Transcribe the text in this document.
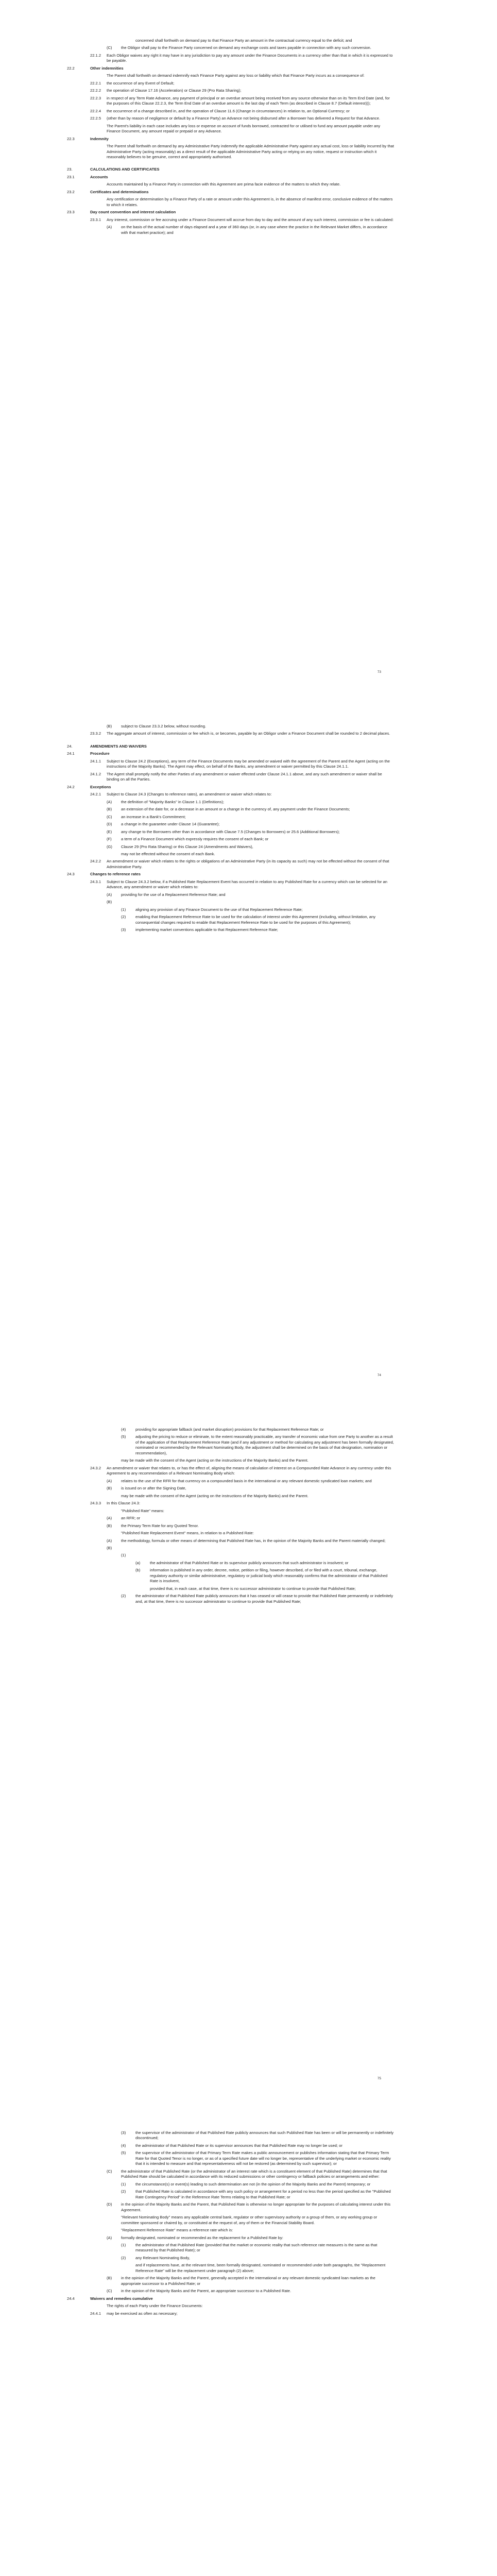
concerned shall forthwith on demand pay to that Finance Party an amount in the contractual currency equal to the deficit; and
(C)	the Obligor shall pay to the Finance Party concerned on demand any exchange costs and taxes payable in connection with any such conversion.
22.1.2	Each Obligor waives any right it may have in any jurisdiction to pay any amount under the Finance Documents in a currency other than that in which it is expressed to be payable.
22.2	Other indemnities
The Parent shall forthwith on demand indemnify each Finance Party against any loss or liability which that Finance Party incurs as a consequence of:
22.2.1	the occurrence of any Event of Default;
22.2.2	the operation of Clause 17.16 (Acceleration) or Clause 29 (Pro Rata Sharing);
22.2.3	in respect of any Term Rate Advance, any payment of principal or an overdue amount being received from any source otherwise than on its Term End Date (and, for the purposes of this Clause 22.2.3, the Term End Date of an overdue amount is the last day of each Term (as described in Clause 8.7 (Default interest)));
22.2.4	the occurrence of a change described in, and the operation of Clause 11.6 (Change in circumstances) in relation to, an Optional Currency; or
22.2.5	(other than by reason of negligence or default by a Finance Party) an Advance not being disbursed after a Borrower has delivered a Request for that Advance.
The Parent's liability in each case includes any loss or expense on account of funds borrowed, contracted for or utilised to fund any amount payable under any Finance Document, any amount repaid or prepaid or any Advance.
22.3	Indemnity
The Parent shall forthwith on demand by any Administrative Party indemnify the applicable Administrative Party against any actual cost, loss or liability incurred by that Administrative Party (acting reasonably) as a direct result of the applicable Administrative Party acting or relying on any notice, request or instruction which it reasonably believes to be genuine, correct and appropriately authorised.
23.	CALCULATIONS AND CERTIFICATES
23.1	Accounts
Accounts maintained by a Finance Party in connection with this Agreement are prima facie evidence of the matters to which they relate.
23.2	Certificates and determinations
Any certification or determination by a Finance Party of a rate or amount under this Agreement is, in the absence of manifest error, conclusive evidence of the matters to which it relates.
23.3	Day count convention and interest calculation
23.3.1	Any interest, commission or fee accruing under a Finance Document will accrue from day to day and the amount of any such interest, commission or fee is calculated:
(A)	on the basis of the actual number of days elapsed and a year of 360 days (or, in any case where the practice in the Relevant Market differs, in accordance with that market practice); and
73
(B)	subject to Clause 23.3.2 below, without rounding.
23.3.2	The aggregate amount of interest, commission or fee which is, or becomes, payable by an Obligor under a Finance Document shall be rounded to 2 decimal places.
24.	AMENDMENTS AND WAIVERS
24.1	Procedure
24.1.1	Subject to Clause 24.2 (Exceptions), any term of the Finance Documents may be amended or waived with the agreement of the Parent and the Agent (acting on the instructions of the Majority Banks). The Agent may effect, on behalf of the Banks, any amendment or waiver permitted by this Clause 24.1.1.
24.1.2	The Agent shall promptly notify the other Parties of any amendment or waiver effected under Clause 24.1.1 above, and any such amendment or waiver shall be binding on all the Parties.
24.2	Exceptions
24.2.1	Subject to Clause 24.3 (Changes to reference rates), an amendment or waiver which relates to:
(A)	the definition of "Majority Banks" in Clause 1.1 (Definitions);
(B)	an extension of the date for, or a decrease in an amount or a change in the currency of, any payment under the Finance Documents;
(C)	an increase in a Bank's Commitment;
(D)	a change in the guarantee under Clause 14 (Guarantee);
(E)	any change to the Borrowers other than in accordance with Clause 7.5 (Changes to Borrowers) or 25.6 (Additional Borrowers);
(F)	a term of a Finance Document which expressly requires the consent of each Bank; or
(G)	Clause 29 (Pro Rata Sharing) or this Clause 24 (Amendments and Waivers),
may not be effected without the consent of each Bank.
24.2.2	An amendment or waiver which relates to the rights or obligations of an Administrative Party (in its capacity as such) may not be effected without the consent of that Administrative Party.
24.3	Changes to reference rates
24.3.1	Subject to Clause 24.3.2 below, if a Published Rate Replacement Event has occurred in relation to any Published Rate for a currency which can be selected for an Advance, any amendment or waiver which relates to:
(A)	providing for the use of a Replacement Reference Rate; and
(B)
(1)	aligning any provision of any Finance Document to the use of that Replacement Reference Rate;
(2)	enabling that Replacement Reference Rate to be used for the calculation of interest under this Agreement (including, without limitation, any consequential changes required to enable that Replacement Reference Rate to be used for the purposes of this Agreement);
(3)	implementing market conventions applicable to that Replacement Reference Rate;
74
(4)	providing for appropriate fallback (and market disruption) provisions for that Replacement Reference Rate; or
(5)	adjusting the pricing to reduce or eliminate, to the extent reasonably practicable, any transfer of economic value from one Party to another as a result of the application of that Replacement Reference Rate (and if any adjustment or method for calculating any adjustment has been formally designated, nominated or recommended by the Relevant Nominating Body, the adjustment shall be determined on the basis of that designation, nomination or recommendation),
may be made with the consent of the Agent (acting on the instructions of the Majority Banks) and the Parent.
24.3.2	An amendment or waiver that relates to, or has the effect of, aligning the means of calculation of interest on a Compounded Rate Advance in any currency under this Agreement to any recommendation of a Relevant Nominating Body which:
(A)	relates to the use of the RFR for that currency on a compounded basis in the international or any relevant domestic syndicated loan markets; and
(B)	is issued on or after the Signing Date,
may be made with the consent of the Agent (acting on the instructions of the Majority Banks) and the Parent.
24.3.3	In this Clause 24.3:
"Published Rate" means:
(A)	an RFR; or
(B)	the Primary Term Rate for any Quoted Tenor.
"Published Rate Replacement Event" means, in relation to a Published Rate:
(A)	the methodology, formula or other means of determining that Published Rate has, in the opinion of the Majority Banks and the Parent materially changed;
(B)
(1)
(a)	the administrator of that Published Rate or its supervisor publicly announces that such administrator is insolvent; or
(b)	information is published in any order, decree, notice, petition or filing, however described, of or filed with a court, tribunal, exchange, regulatory authority or similar administrative, regulatory or judicial body which reasonably confirms that the administrator of that Published Rate is insolvent,
provided that, in each case, at that time, there is no successor administrator to continue to provide that Published Rate;
(2)	the administrator of that Published Rate publicly announces that it has ceased or will cease to provide that Published Rate permanently or indefinitely and, at that time, there is no successor administrator to continue to provide that Published Rate;
75
(3)	the supervisor of the administrator of that Published Rate publicly announces that such Published Rate has been or will be permanently or indefinitely discontinued;
(4)	the administrator of that Published Rate or its supervisor announces that that Published Rate may no longer be used; or
(5)	the supervisor of the administrator of that Primary Term Rate makes a public announcement or publishes information stating that that Primary Term Rate for that Quoted Tenor is no longer, or as of a specified future date will no longer be, representative of the underlying market or economic reality that it is intended to measure and that representativeness will not be restored (as determined by such supervisor); or
(C)	the administrator of that Published Rate (or the administrator of an interest rate which is a constituent element of that Published Rate) determines that that Published Rate should be calculated in accordance with its reduced submissions or other contingency or fallback policies or arrangements and either:
(1)	the circumstance(s) or event(s) leading to such determination are not (in the opinion of the Majority Banks and the Parent) temporary; or
(2)	that Published Rate is calculated in accordance with any such policy or arrangement for a period no less than the period specified as the "Published Rate Contingency Period" in the Reference Rate Terms relating to that Published Rate; or
(D)	in the opinion of the Majority Banks and the Parent, that Published Rate is otherwise no longer appropriate for the purposes of calculating interest under this Agreement.
"Relevant Nominating Body" means any applicable central bank, regulator or other supervisory authority or a group of them, or any working group or committee sponsored or chaired by, or constituted at the request of, any of them or the Financial Stability Board.
"Replacement Reference Rate" means a reference rate which is:
(A)	formally designated, nominated or recommended as the replacement for a Published Rate by:
(1)	the administrator of that Published Rate (provided that the market or economic reality that such reference rate measures is the same as that measured by that Published Rate); or
(2)	any Relevant Nominating Body,
and if replacements have, at the relevant time, been formally designated, nominated or recommended under both paragraphs, the "Replacement Reference Rate" will be the replacement under paragraph (2) above;
(B)	in the opinion of the Majority Banks and the Parent, generally accepted in the international or any relevant domestic syndicated loan markets as the appropriate successor to a Published Rate; or
(C)	in the opinion of the Majority Banks and the Parent, an appropriate successor to a Published Rate.
24.4	Waivers and remedies cumulative
The rights of each Party under the Finance Documents:
24.4.1	may be exercised as often as necessary;
